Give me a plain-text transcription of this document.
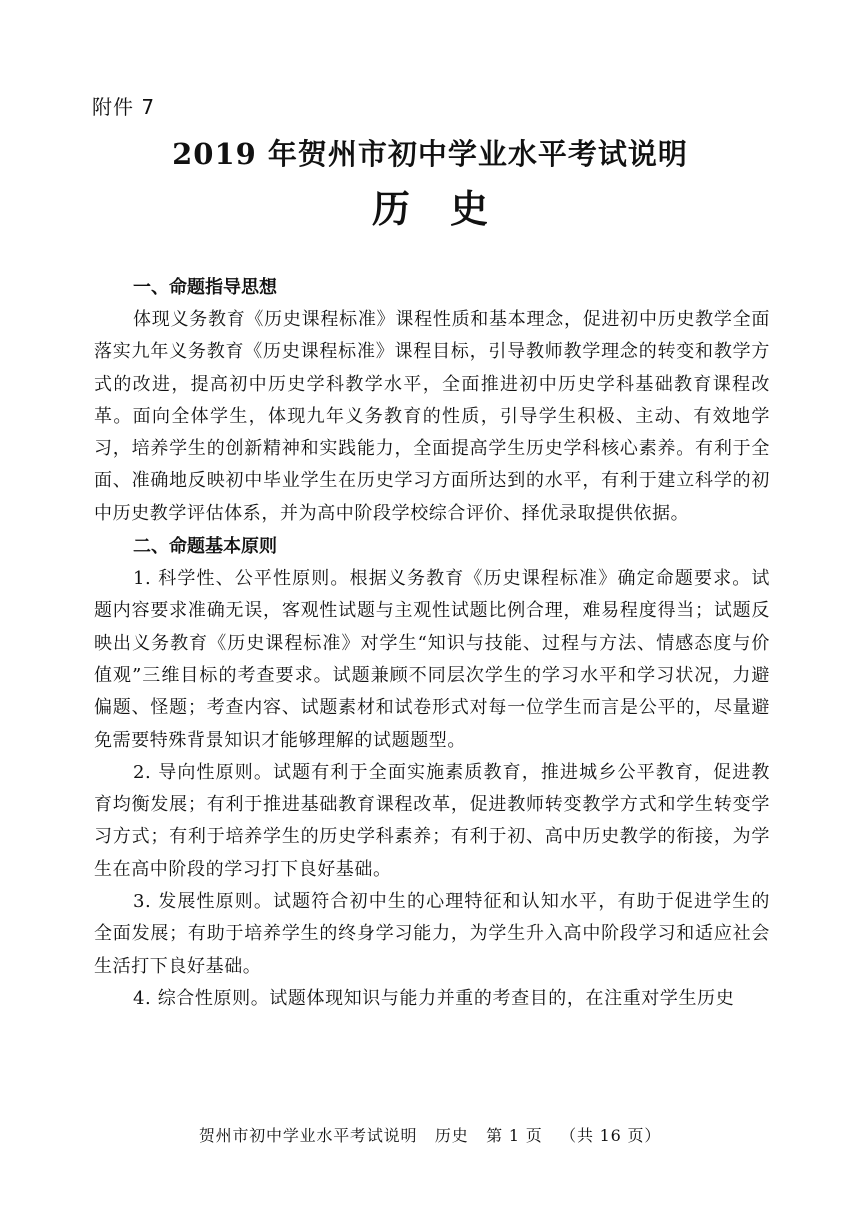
附件 7
2019 年贺州市初中学业水平考试说明
历史
一、命题指导思想

体现义务教育《历史课程标准》课程性质和基本理念，促进初中历史教学全面落实九年义务教育《历史课程标准》课程目标，引导教师教学理念的转变和教学方式的改进，提高初中历史学科教学水平，全面推进初中历史学科基础教育课程改革。面向全体学生，体现九年义务教育的性质，引导学生积极、主动、有效地学习，培养学生的创新精神和实践能力，全面提高学生历史学科核心素养。有利于全面、准确地反映初中毕业学生在历史学习方面所达到的水平，有利于建立科学的初中历史教学评估体系，并为高中阶段学校综合评价、择优录取提供依据。

二、命题基本原则

1. 科学性、公平性原则。根据义务教育《历史课程标准》确定命题要求。试题内容要求准确无误，客观性试题与主观性试题比例合理，难易程度得当；试题反映出义务教育《历史课程标准》对学生“知识与技能、过程与方法、情感态度与价值观”三维目标的考查要求。试题兼顾不同层次学生的学习水平和学习状况，力避偏题、怪题；考查内容、试题素材和试卷形式对每一位学生而言是公平的，尽量避免需要特殊背景知识才能够理解的试题题型。

2. 导向性原则。试题有利于全面实施素质教育，推进城乡公平教育，促进教育均衡发展；有利于推进基础教育课程改革，促进教师转变教学方式和学生转变学习方式；有利于培养学生的历史学科素养；有利于初、高中历史教学的衔接，为学生在高中阶段的学习打下良好基础。

3. 发展性原则。试题符合初中生的心理特征和认知水平，有助于促进学生的全面发展；有助于培养学生的终身学习能力，为学生升入高中阶段学习和适应社会生活打下良好基础。

4. 综合性原则。试题体现知识与能力并重的考查目的，在注重对学生历史

贺州市初中学业水平考试说明   历史   第 1 页   （共 16 页）
